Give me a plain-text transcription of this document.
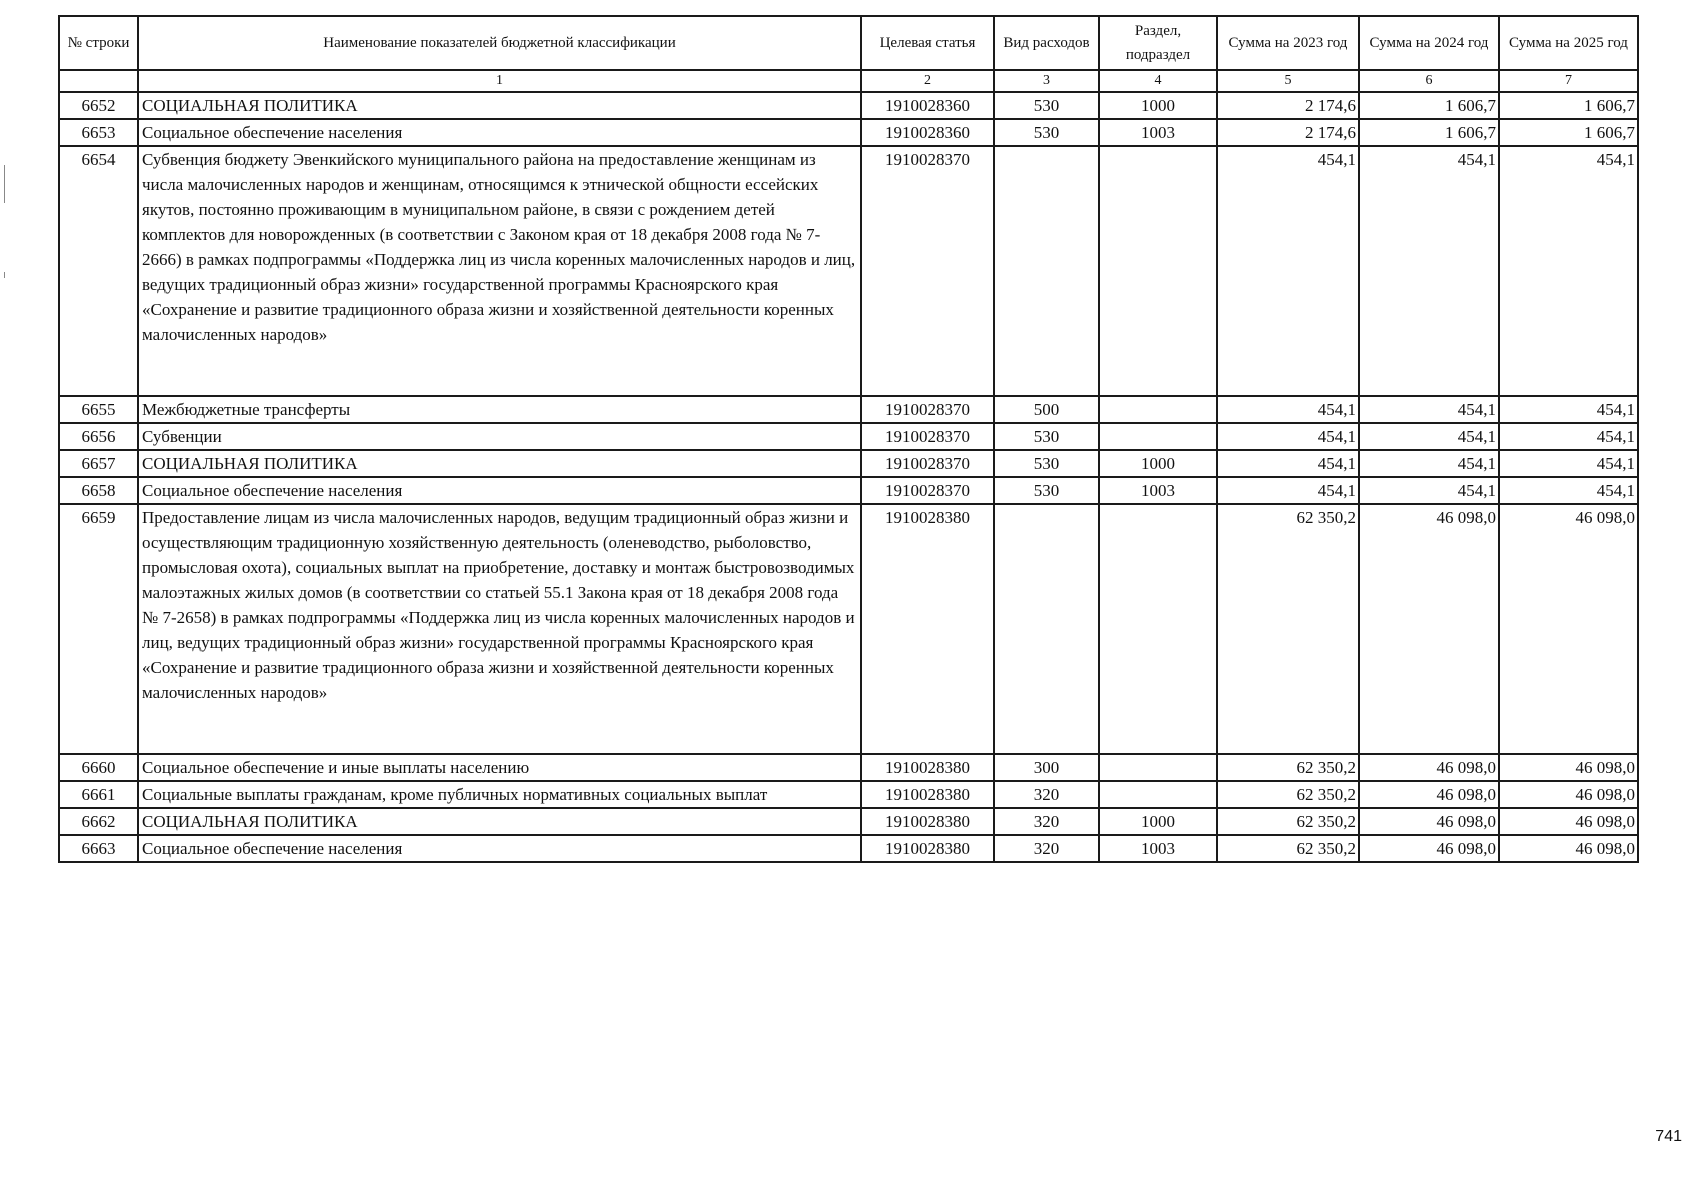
№ строки	Наименование показателей бюджетной классификации	Целевая статья	Вид расходов	Раздел, подраздел	Сумма на 2023 год	Сумма на 2024 год	Сумма на 2025 год
	1	2	3	4	5	6	7
6652	СОЦИАЛЬНАЯ ПОЛИТИКА	1910028360	530	1000	2 174,6	1 606,7	1 606,7
6653	Социальное обеспечение населения	1910028360	530	1003	2 174,6	1 606,7	1 606,7
6654	Субвенция бюджету Эвенкийского муниципального района на предоставление женщинам из числа малочисленных народов и женщинам, относящимся к этнической общности ессейских якутов, постоянно проживающим в муниципальном районе, в связи с рождением детей комплектов для новорожденных (в соответствии с Законом края от 18 декабря 2008 года № 7-2666) в рамках подпрограммы «Поддержка лиц из числа коренных малочисленных народов и лиц, ведущих традиционный образ жизни» государственной программы Красноярского края «Сохранение и развитие традиционного образа жизни и хозяйственной деятельности коренных малочисленных народов»	1910028370			454,1	454,1	454,1
6655	Межбюджетные трансферты	1910028370	500		454,1	454,1	454,1
6656	Субвенции	1910028370	530		454,1	454,1	454,1
6657	СОЦИАЛЬНАЯ ПОЛИТИКА	1910028370	530	1000	454,1	454,1	454,1
6658	Социальное обеспечение населения	1910028370	530	1003	454,1	454,1	454,1
6659	Предоставление лицам из числа малочисленных народов, ведущим традиционный образ жизни и осуществляющим традиционную хозяйственную деятельность (оленеводство, рыболовство, промысловая охота), социальных выплат на приобретение, доставку и монтаж быстровозводимых малоэтажных жилых домов (в соответствии со статьей 55.1 Закона края от 18 декабря 2008 года № 7-2658) в рамках подпрограммы «Поддержка лиц из числа коренных малочисленных народов и лиц, ведущих традиционный образ жизни» государственной программы Красноярского края «Сохранение и развитие традиционного образа жизни и хозяйственной деятельности коренных малочисленных народов»	1910028380			62 350,2	46 098,0	46 098,0
6660	Социальное обеспечение и иные выплаты населению	1910028380	300		62 350,2	46 098,0	46 098,0
6661	Социальные выплаты гражданам, кроме публичных нормативных социальных выплат	1910028380	320		62 350,2	46 098,0	46 098,0
6662	СОЦИАЛЬНАЯ ПОЛИТИКА	1910028380	320	1000	62 350,2	46 098,0	46 098,0
6663	Социальное обеспечение населения	1910028380	320	1003	62 350,2	46 098,0	46 098,0
741
